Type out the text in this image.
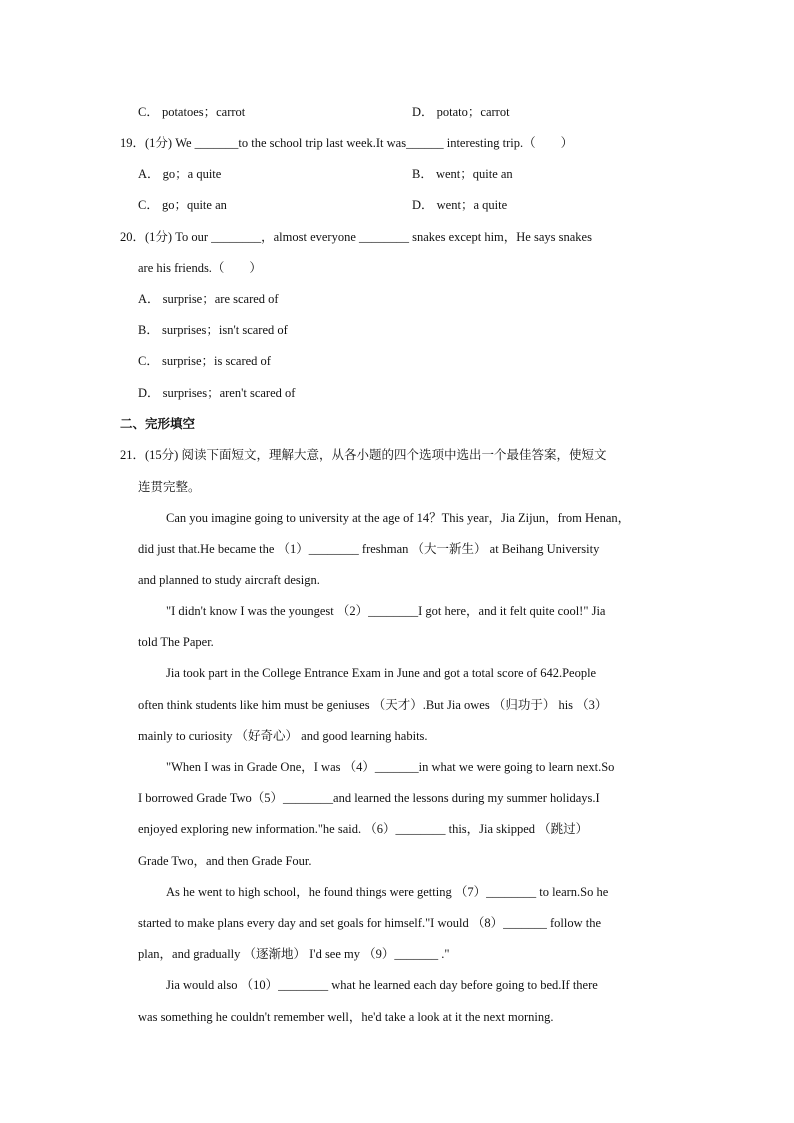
C． potatoes；carrot	D． potato；carrot
19．(1分) We _______to the school trip last week.It was______ interesting trip.（　　）
A． go；a quite	B． went；quite an
C． go；quite an	D． went；a quite
20．(1分) To our ________，almost everyone ________ snakes except him，He says snakes
are his friends.（　　）
A． surprise；are scared of
B． surprises；isn't scared of
C． surprise；is scared of
D． surprises；aren't scared of
二、完形填空
21．(15分) 阅读下面短文，理解大意，从各小题的四个选项中选出一个最佳答案，使短文
连贯完整。
Can you imagine going to university at the age of 14？This year，Jia Zijun，from Henan，
did just that.He became the （1）________ freshman （大一新生） at Beihang University
and planned to study aircraft design.
"I didn't know I was the youngest （2）________I got here，and it felt quite cool!" Jia
told The Paper.
Jia took part in the College Entrance Exam in June and got a total score of 642.People
often think students like him must be geniuses （天才）.But Jia owes （归功于） his （3）
mainly to curiosity （好奇心） and good learning habits.
"When I was in Grade One，I was （4）_______in what we were going to learn next.So
I borrowed Grade Two（5）________and learned the lessons during my summer holidays.I
enjoyed exploring new information."he said. （6）________ this，Jia skipped （跳过）
Grade Two，and then Grade Four.
As he went to high school，he found things were getting （7）________ to learn.So he
started to make plans every day and set goals for himself."I would （8）_______ follow the
plan，and gradually （逐渐地） I'd see my （9）_______ ."
Jia would also （10）________ what he learned each day before going to bed.If there
was something he couldn't remember well，he'd take a look at it the next morning.
